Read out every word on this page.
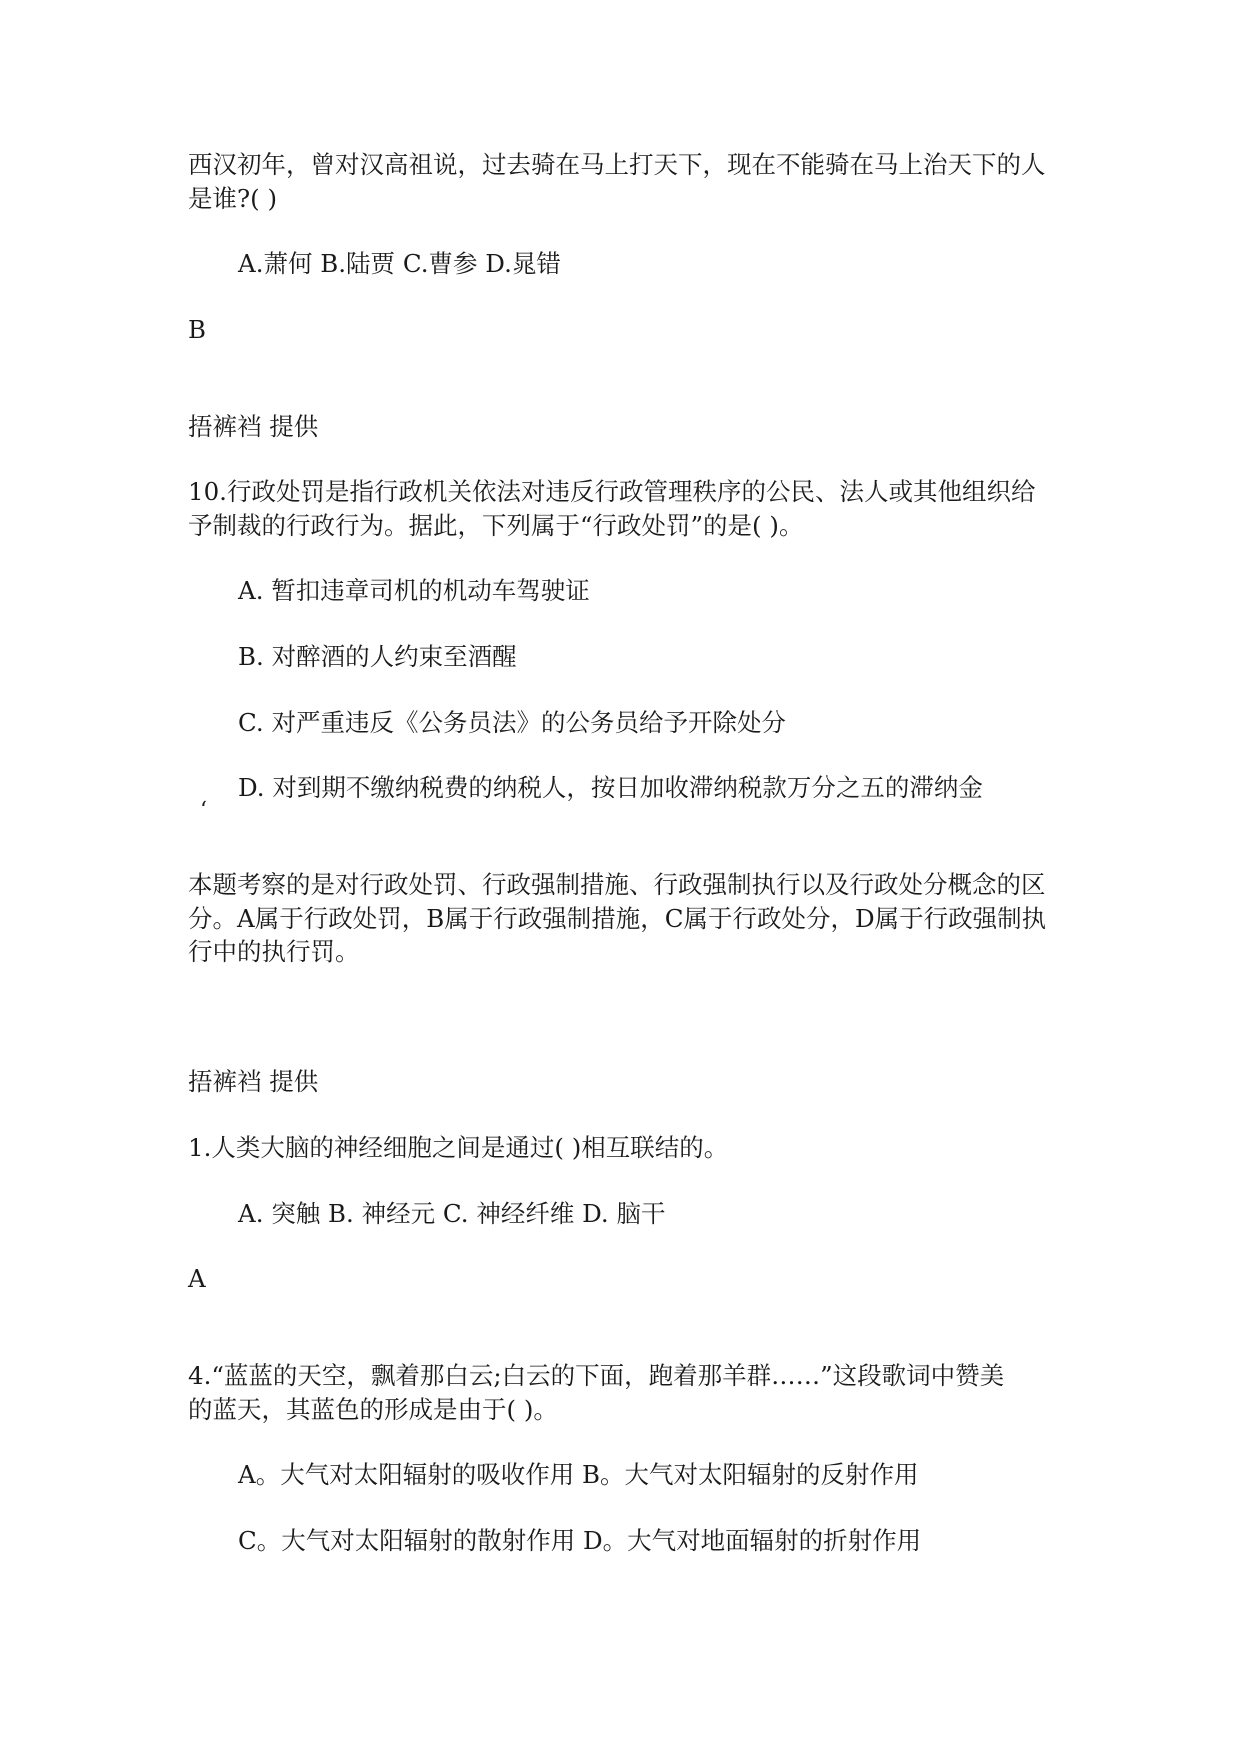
西汉初年，曾对汉高祖说，过去骑在马上打天下，现在不能骑在马上治天下的人
是谁?( )
A.萧何 B.陆贾 C.曹参 D.晁错
B
捂裤裆 提供
10.行政处罚是指行政机关依法对违反行政管理秩序的公民、法人或其他组织给
予制裁的行政行为。据此，下列属于“行政处罚”的是( )。
A. 暂扣违章司机的机动车驾驶证
B. 对醉酒的人约束至酒醒
C. 对严重违反《公务员法》的公务员给予开除处分
D. 对到期不缴纳税费的纳税人，按日加收滞纳税款万分之五的滞纳金
‘
本题考察的是对行政处罚、行政强制措施、行政强制执行以及行政处分概念的区
分。A属于行政处罚，B属于行政强制措施，C属于行政处分，D属于行政强制执
行中的执行罚。
捂裤裆 提供
1.人类大脑的神经细胞之间是通过( )相互联结的。
A. 突触 B. 神经元 C. 神经纤维 D. 脑干
A
4.“蓝蓝的天空，飘着那白云;白云的下面，跑着那羊群……”这段歌词中赞美
的蓝天，其蓝色的形成是由于( )。
A。大气对太阳辐射的吸收作用 B。大气对太阳辐射的反射作用
C。大气对太阳辐射的散射作用 D。大气对地面辐射的折射作用
